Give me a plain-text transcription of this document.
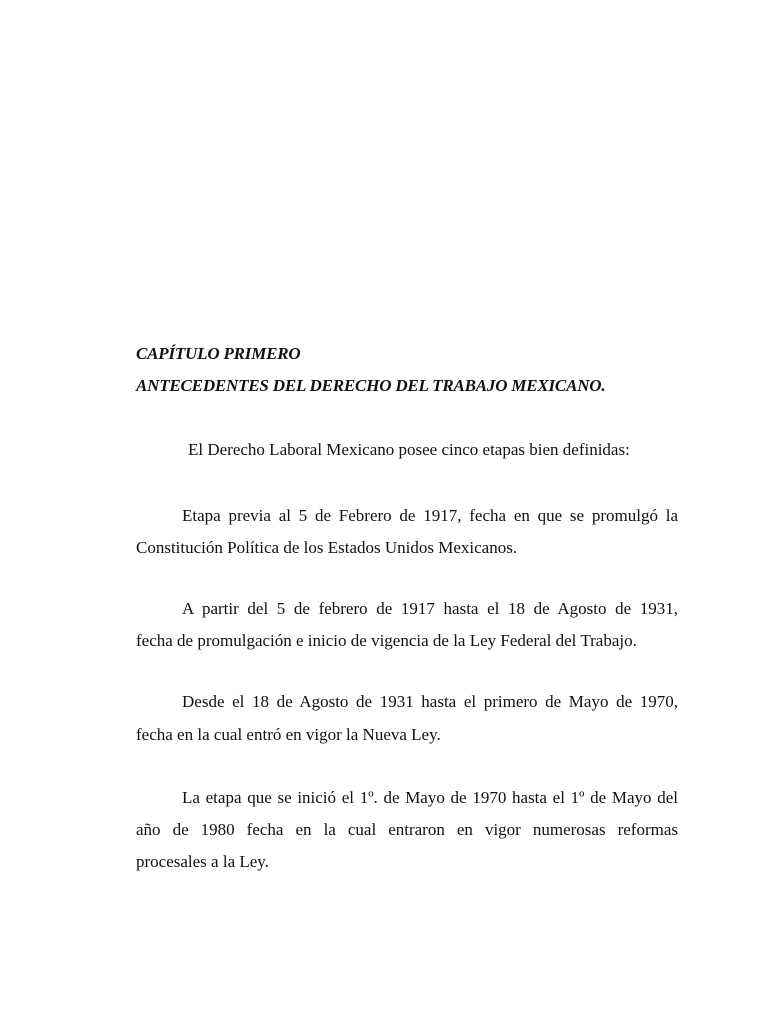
CAPÍTULO PRIMERO
ANTECEDENTES DEL DERECHO DEL TRABAJO MEXICANO.
El Derecho Laboral Mexicano posee cinco etapas bien definidas:
Etapa previa al 5 de Febrero de 1917, fecha en que se promulgó la
Constitución Política de los Estados Unidos Mexicanos.
A partir del 5 de febrero de 1917 hasta el 18 de Agosto de 1931,
fecha de promulgación e inicio de vigencia de la Ley Federal del Trabajo.
Desde el 18 de Agosto de 1931 hasta el primero de Mayo de 1970,
fecha en la cual entró en vigor la Nueva Ley.
La etapa que se inició el 1º. de Mayo de 1970 hasta el 1º de Mayo del
año de 1980 fecha en la cual entraron en vigor numerosas reformas
procesales a la Ley.
